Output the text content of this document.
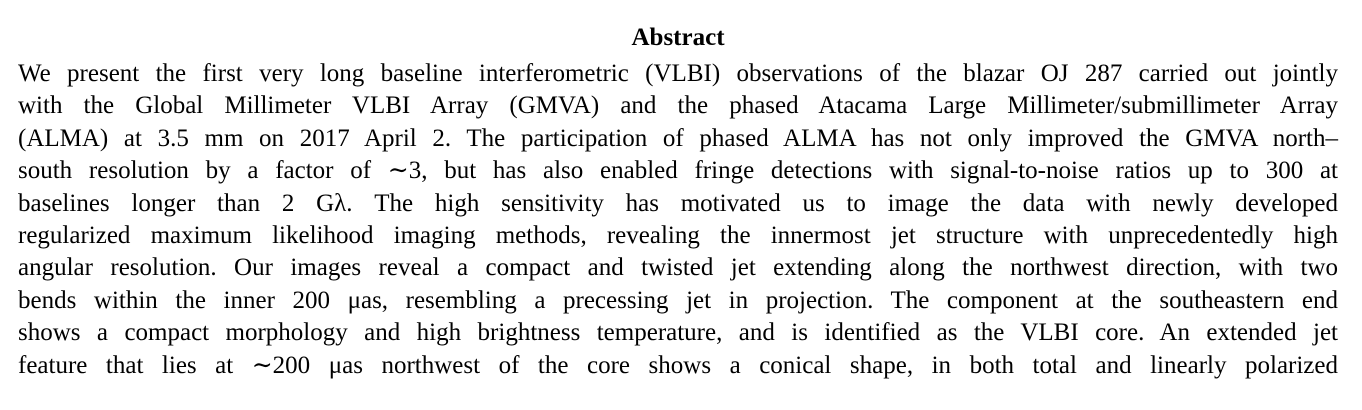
Abstract
We present the first very long baseline interferometric (VLBI) observations of the blazar OJ 287 carried out jointly
with the Global Millimeter VLBI Array (GMVA) and the phased Atacama Large Millimeter/submillimeter Array
(ALMA) at 3.5 mm on 2017 April 2. The participation of phased ALMA has not only improved the GMVA north–
south resolution by a factor of ∼3, but has also enabled fringe detections with signal-to-noise ratios up to 300 at
baselines longer than 2 Gλ. The high sensitivity has motivated us to image the data with newly developed
regularized maximum likelihood imaging methods, revealing the innermost jet structure with unprecedentedly high
angular resolution. Our images reveal a compact and twisted jet extending along the northwest direction, with two
bends within the inner 200 μas, resembling a precessing jet in projection. The component at the southeastern end
shows a compact morphology and high brightness temperature, and is identified as the VLBI core. An extended jet
feature that lies at ∼200 μas northwest of the core shows a conical shape, in both total and linearly polarized
